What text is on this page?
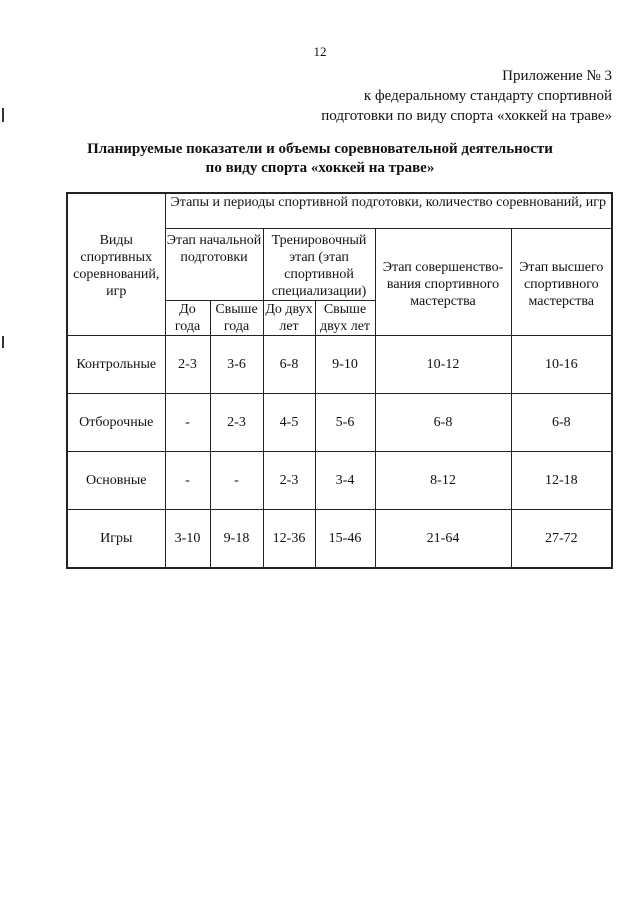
12
Приложение № 3
к федеральному стандарту спортивной
подготовки по виду спорта «хоккей на траве»
Планируемые показатели и объемы соревновательной деятельности
по виду спорта «хоккей на траве»
Виды спортивных соревнований, игр	Этапы и периоды спортивной подготовки, количество соревнований, игр					
	Этап начальной подготовки		Тренировочный этап (этап спортивной специализации)		Этап совершенство-вания спортивного мастерства	Этап высшего спортивного мастерства
	До года	Свыше года	До двух лет	Свыше двух лет		
Контрольные	2-3	3-6	6-8	9-10	10-12	10-16
Отборочные	-	2-3	4-5	5-6	6-8	6-8
Основные	-	-	2-3	3-4	8-12	12-18
Игры	3-10	9-18	12-36	15-46	21-64	27-72
